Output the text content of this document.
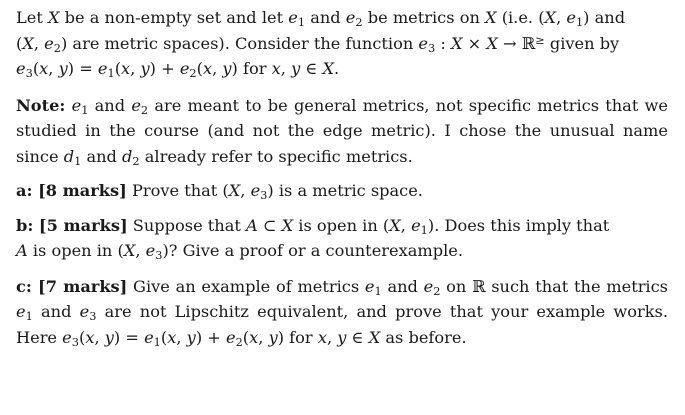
Let X be a non-empty set and let $e_1$ and $e_2$ be metrics on X (i.e. (X, $e_1$) and
(X, $e_2$) are metric spaces). Consider the function $e_3$ : X × X → ℝ≥ given by
$e_3(x$, $y) = e_1(x$, $y) + e_2(x$, y) for x, y ∈ X.

Note: $e_1$ and $e_2$ are meant to be general metrics, not specific metrics that we studied in the course (and not the edge metric). I chose the unusual name since $d_1$ and $d_2$ already refer to specific metrics.

a: [8 marks] Prove that (X, $e_3$) is a metric space.

b: [5 marks] Suppose that A ⊂ X is open in (X, $e_1$). Does this imply that
A is open in (X, $e_3$)? Give a proof or a counterexample.

c: [7 marks] Give an example of metrics $e_1$ and $e_2$ on ℝ such that the metrics $e_1$ and $e_3$ are not Lipschitz equivalent, and prove that your example works. Here $e_3(x$, $y) = e_1(x$, $y) + e_2(x$, y) for x, y ∈ X as before.
